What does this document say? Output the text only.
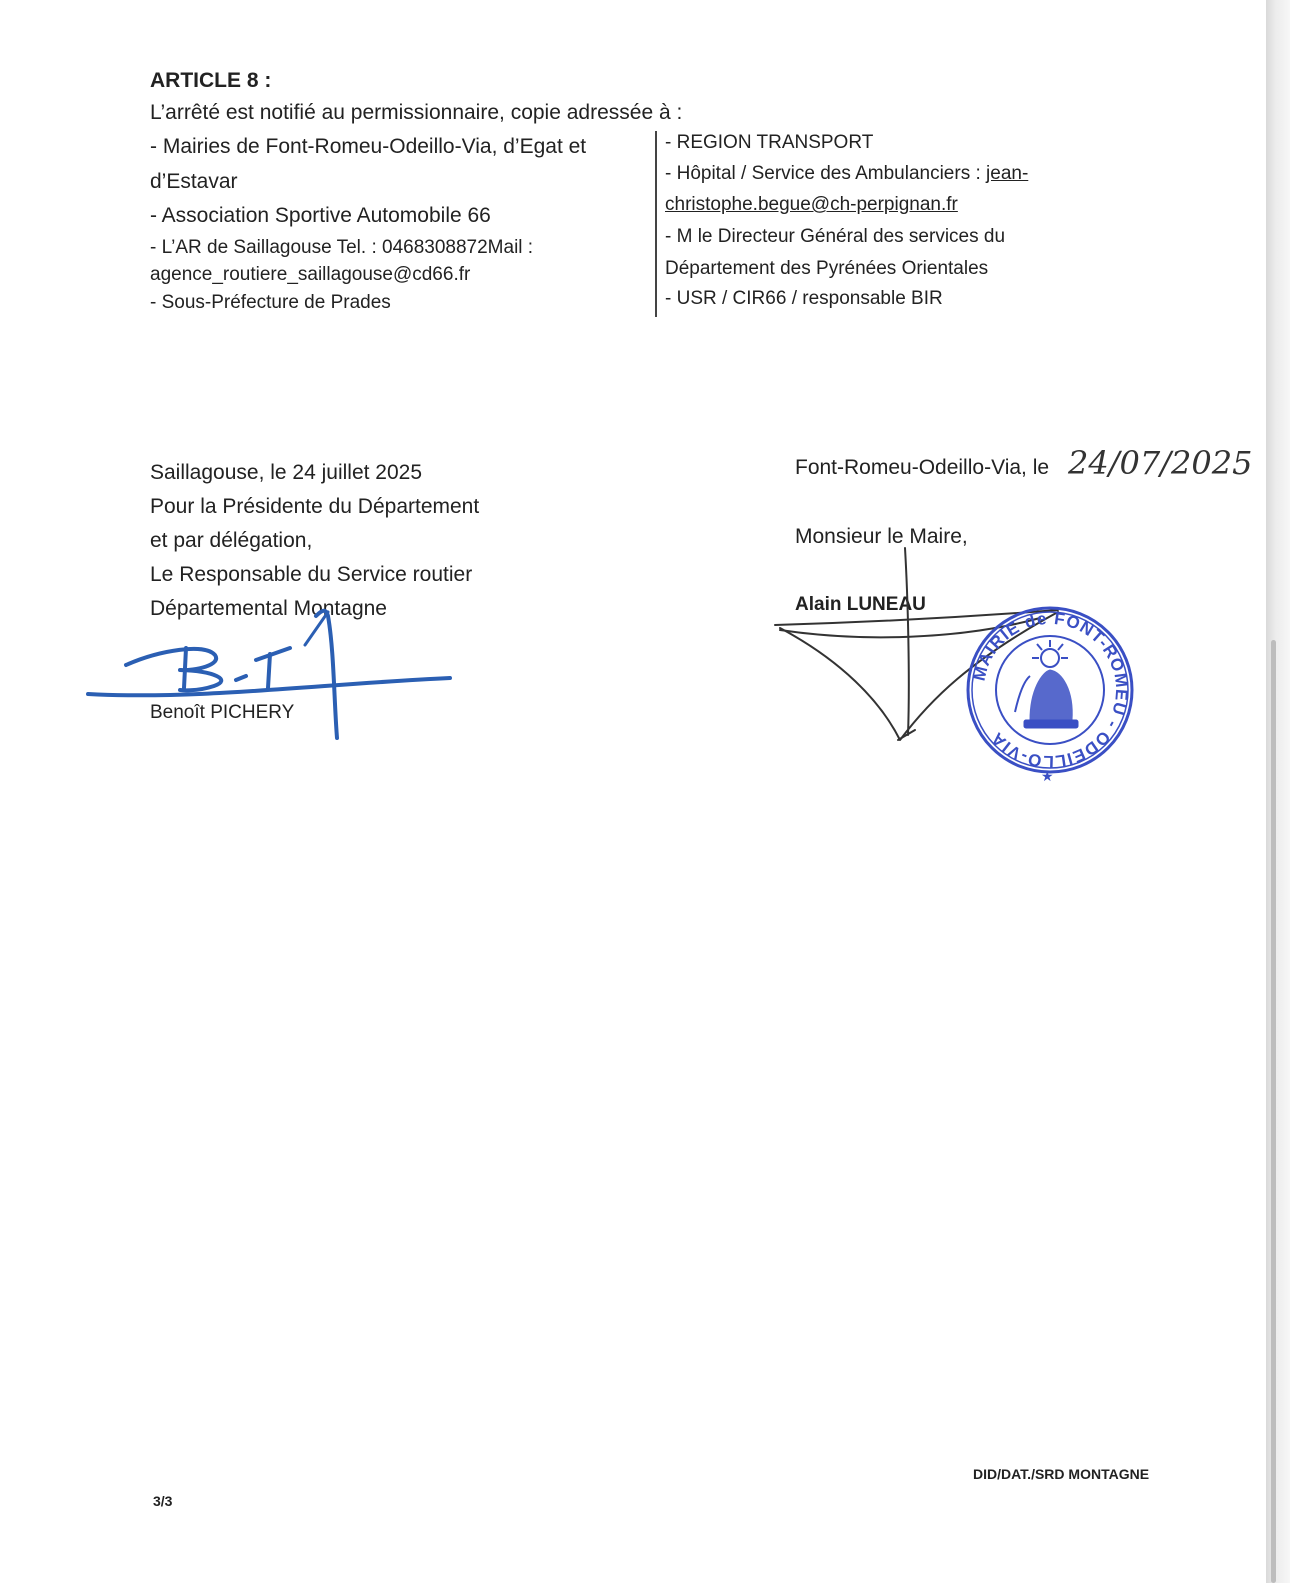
ARTICLE 8 :
L’arrêté est notifié au permissionnaire, copie adressée à :
- Mairies de Font-Romeu-Odeillo-Via, d’Egat et
d’Estavar
- Association Sportive Automobile 66
- L’AR de Saillagouse Tel. : 0468308872Mail :
agence_routiere_saillagouse@cd66.fr
- Sous-Préfecture de Prades
- REGION TRANSPORT
- Hôpital / Service des Ambulanciers : jean-
christophe.begue@ch-perpignan.fr
- M le Directeur Général des services du
Département des Pyrénées Orientales
- USR / CIR66 / responsable BIR
Saillagouse, le 24 juillet 2025
Pour la Présidente du Département
et par délégation,
Le Responsable du Service routier
Départemental Montagne
Benoît PICHERY
Font-Romeu-Odeillo-Via, le
Monsieur le Maire,
Alain LUNEAU
24/07/2025
MAIRIE de FONT-ROMEU - ODEILLO-VIA
★
DID/DAT./SRD MONTAGNE
3/3
